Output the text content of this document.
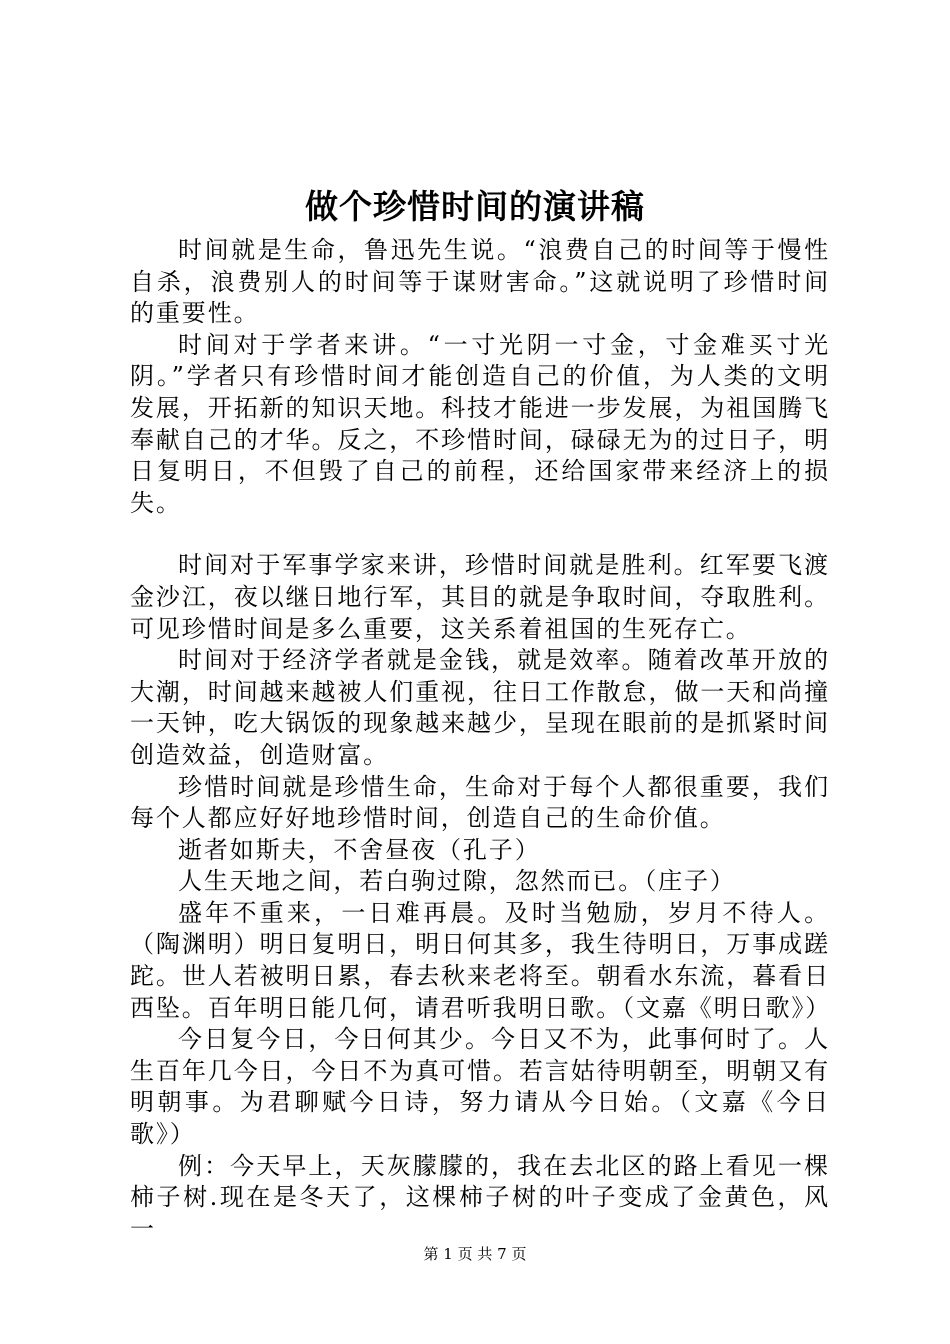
做个珍惜时间的演讲稿

时间就是生命，鲁迅先生说。“浪费自己的时间等于慢性自杀，浪费别人的时间等于谋财害命。”这就说明了珍惜时间的重要性。

时间对于学者来讲。“一寸光阴一寸金，寸金难买寸光阴。”学者只有珍惜时间才能创造自己的价值，为人类的文明发展，开拓新的知识天地。科技才能进一步发展，为祖国腾飞奉献自己的才华。反之，不珍惜时间，碌碌无为的过日子，明日复明日，不但毁了自己的前程，还给国家带来经济上的损失。

时间对于军事学家来讲，珍惜时间就是胜利。红军要飞渡金沙江，夜以继日地行军，其目的就是争取时间，夺取胜利。可见珍惜时间是多么重要，这关系着祖国的生死存亡。

时间对于经济学者就是金钱，就是效率。随着改革开放的大潮，时间越来越被人们重视，往日工作散怠，做一天和尚撞一天钟，吃大锅饭的现象越来越少，呈现在眼前的是抓紧时间创造效益，创造财富。

珍惜时间就是珍惜生命，生命对于每个人都很重要，我们每个人都应好好地珍惜时间，创造自己的生命价值。

逝者如斯夫，不舍昼夜（孔子）

人生天地之间，若白驹过隙，忽然而已。（庄子）

盛年不重来，一日难再晨。及时当勉励，岁月不待人。（陶渊明）明日复明日，明日何其多，我生待明日，万事成蹉跎。世人若被明日累，春去秋来老将至。朝看水东流，暮看日西坠。百年明日能几何，请君听我明日歌。（文嘉《明日歌》）

今日复今日，今日何其少。今日又不为，此事何时了。人生百年几今日，今日不为真可惜。若言姑待明朝至，明朝又有明朝事。为君聊赋今日诗，努力请从今日始。（文嘉《今日歌》）

例：今天早上，天灰朦朦的，我在去北区的路上看见一棵柿子树.现在是冬天了，这棵柿子树的叶子变成了金黄色，风一

第 1 页 共 7 页
